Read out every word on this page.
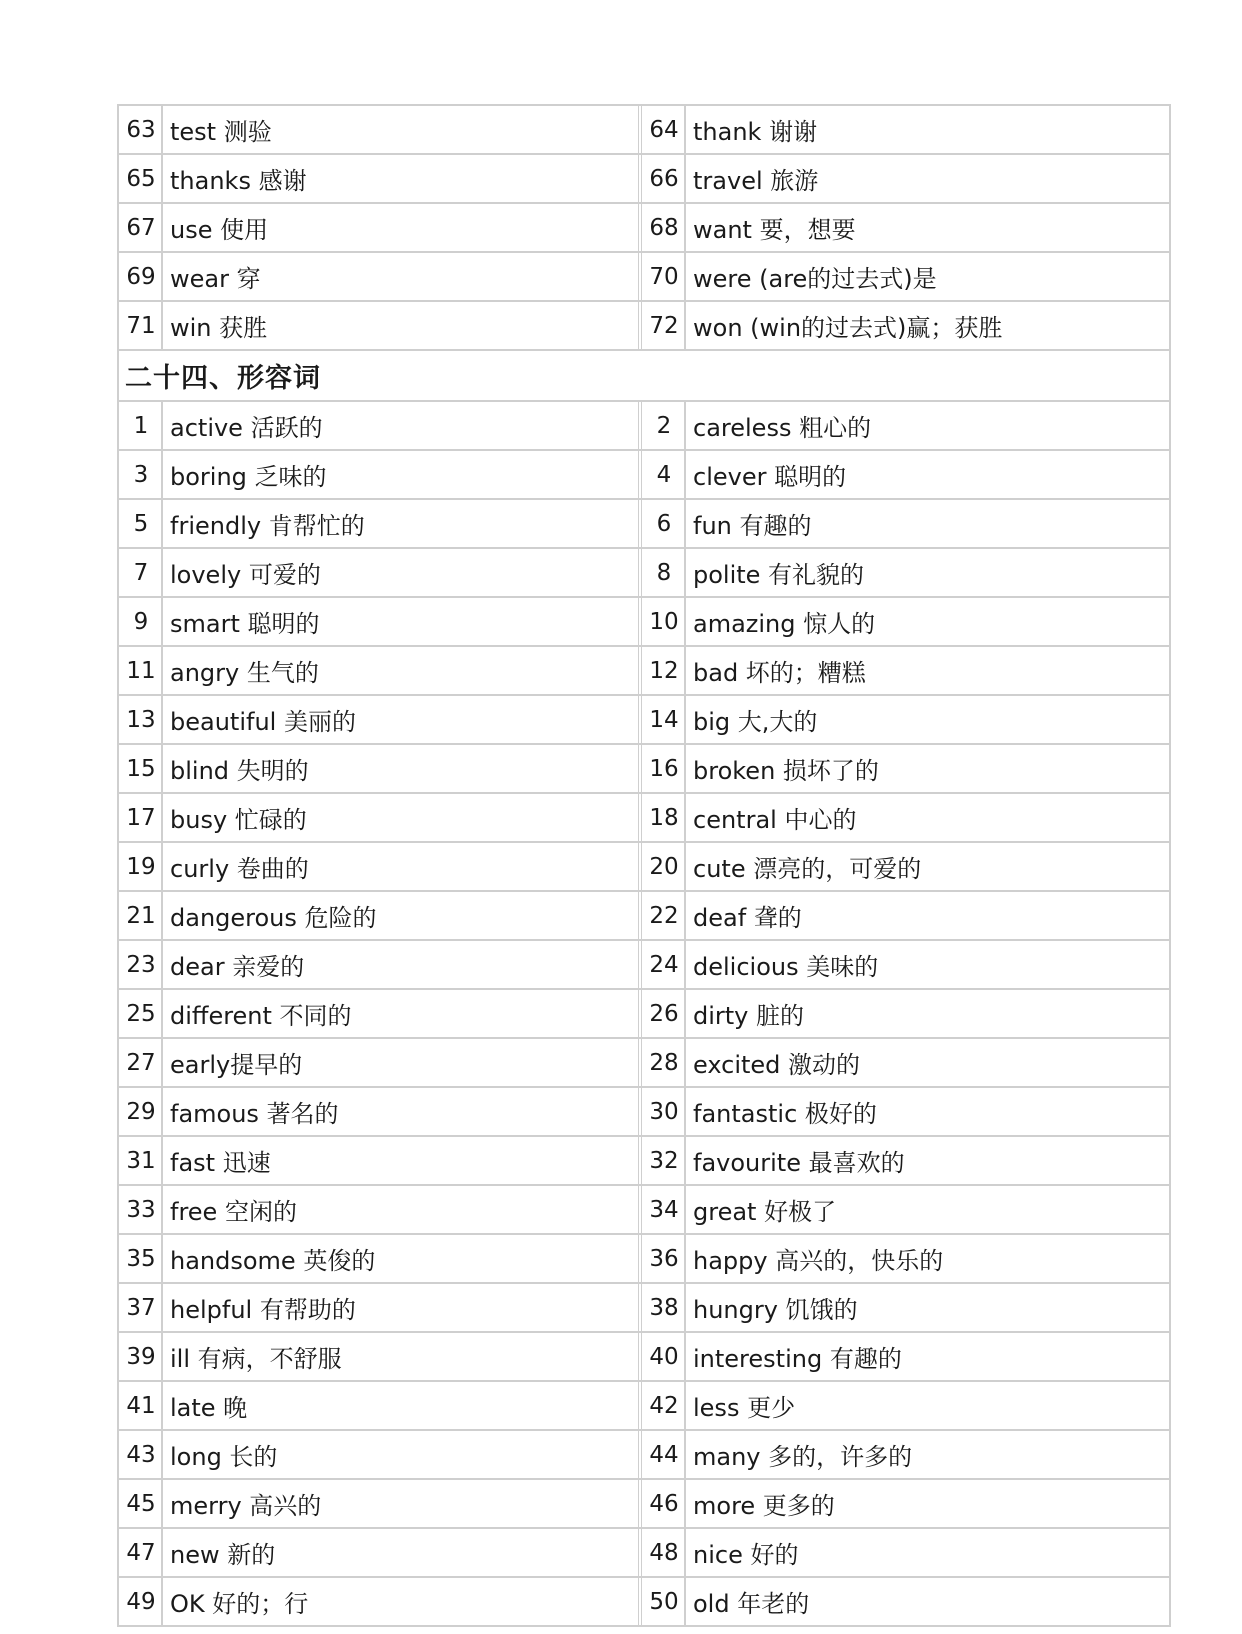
63 test 测验	64 thank 谢谢
65 thanks 感谢	66 travel 旅游
67 use 使用	68 want 要，想要
69 wear 穿	70 were (are的过去式)是
71 win 获胜	72 won (win的过去式)赢；获胜
二十四、形容词
1 active 活跃的	2 careless 粗心的
3 boring 乏味的	4 clever 聪明的
5 friendly 肯帮忙的	6 fun 有趣的
7 lovely 可爱的	8 polite 有礼貌的
9 smart 聪明的	10 amazing 惊人的
11 angry 生气的	12 bad 坏的；糟糕
13 beautiful 美丽的	14 big 大,大的
15 blind 失明的	16 broken 损坏了的
17 busy 忙碌的	18 central 中心的
19 curly 卷曲的	20 cute 漂亮的，可爱的
21 dangerous 危险的	22 deaf 聋的
23 dear 亲爱的	24 delicious 美味的
25 different 不同的	26 dirty 脏的
27 early提早的	28 excited 激动的
29 famous 著名的	30 fantastic 极好的
31 fast 迅速	32 favourite 最喜欢的
33 free 空闲的	34 great 好极了
35 handsome 英俊的	36 happy 高兴的，快乐的
37 helpful 有帮助的	38 hungry 饥饿的
39 ill 有病，不舒服	40 interesting 有趣的
41 late 晚	42 less 更少
43 long 长的	44 many 多的，许多的
45 merry 高兴的	46 more 更多的
47 new 新的	48 nice 好的
49 OK 好的；行	50 old 年老的
